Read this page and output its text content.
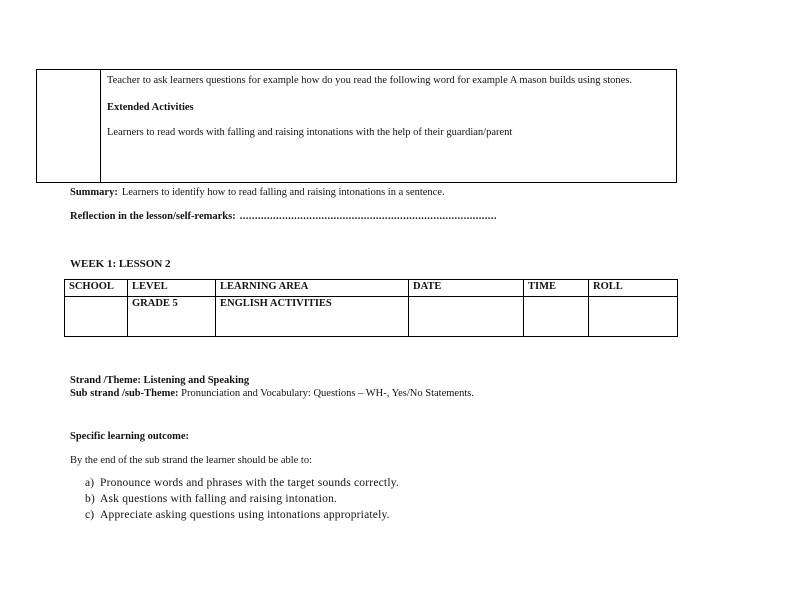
Teacher to ask learners questions for example how do you read the following word for example A mason builds using stones.
Extended Activities
Learners to read words with falling and raising intonations with the help of their guardian/parent
Summary: Learners to identify how to read falling and raising intonations in a sentence.
Reflection in the lesson/self-remarks: .....................................................................................
WEEK 1: LESSON 2
SCHOOL	LEVEL	LEARNING AREA	DATE	TIME	ROLL
	GRADE 5	ENGLISH ACTIVITIES			
Strand /Theme: Listening and Speaking
Sub strand /sub-Theme: Pronunciation and Vocabulary: Questions – WH-, Yes/No Statements.
Specific learning outcome:
By the end of the sub strand the learner should be able to:
a) Pronounce words and phrases with the target sounds correctly.
b) Ask questions with falling and raising intonation.
c) Appreciate asking questions using intonations appropriately.
